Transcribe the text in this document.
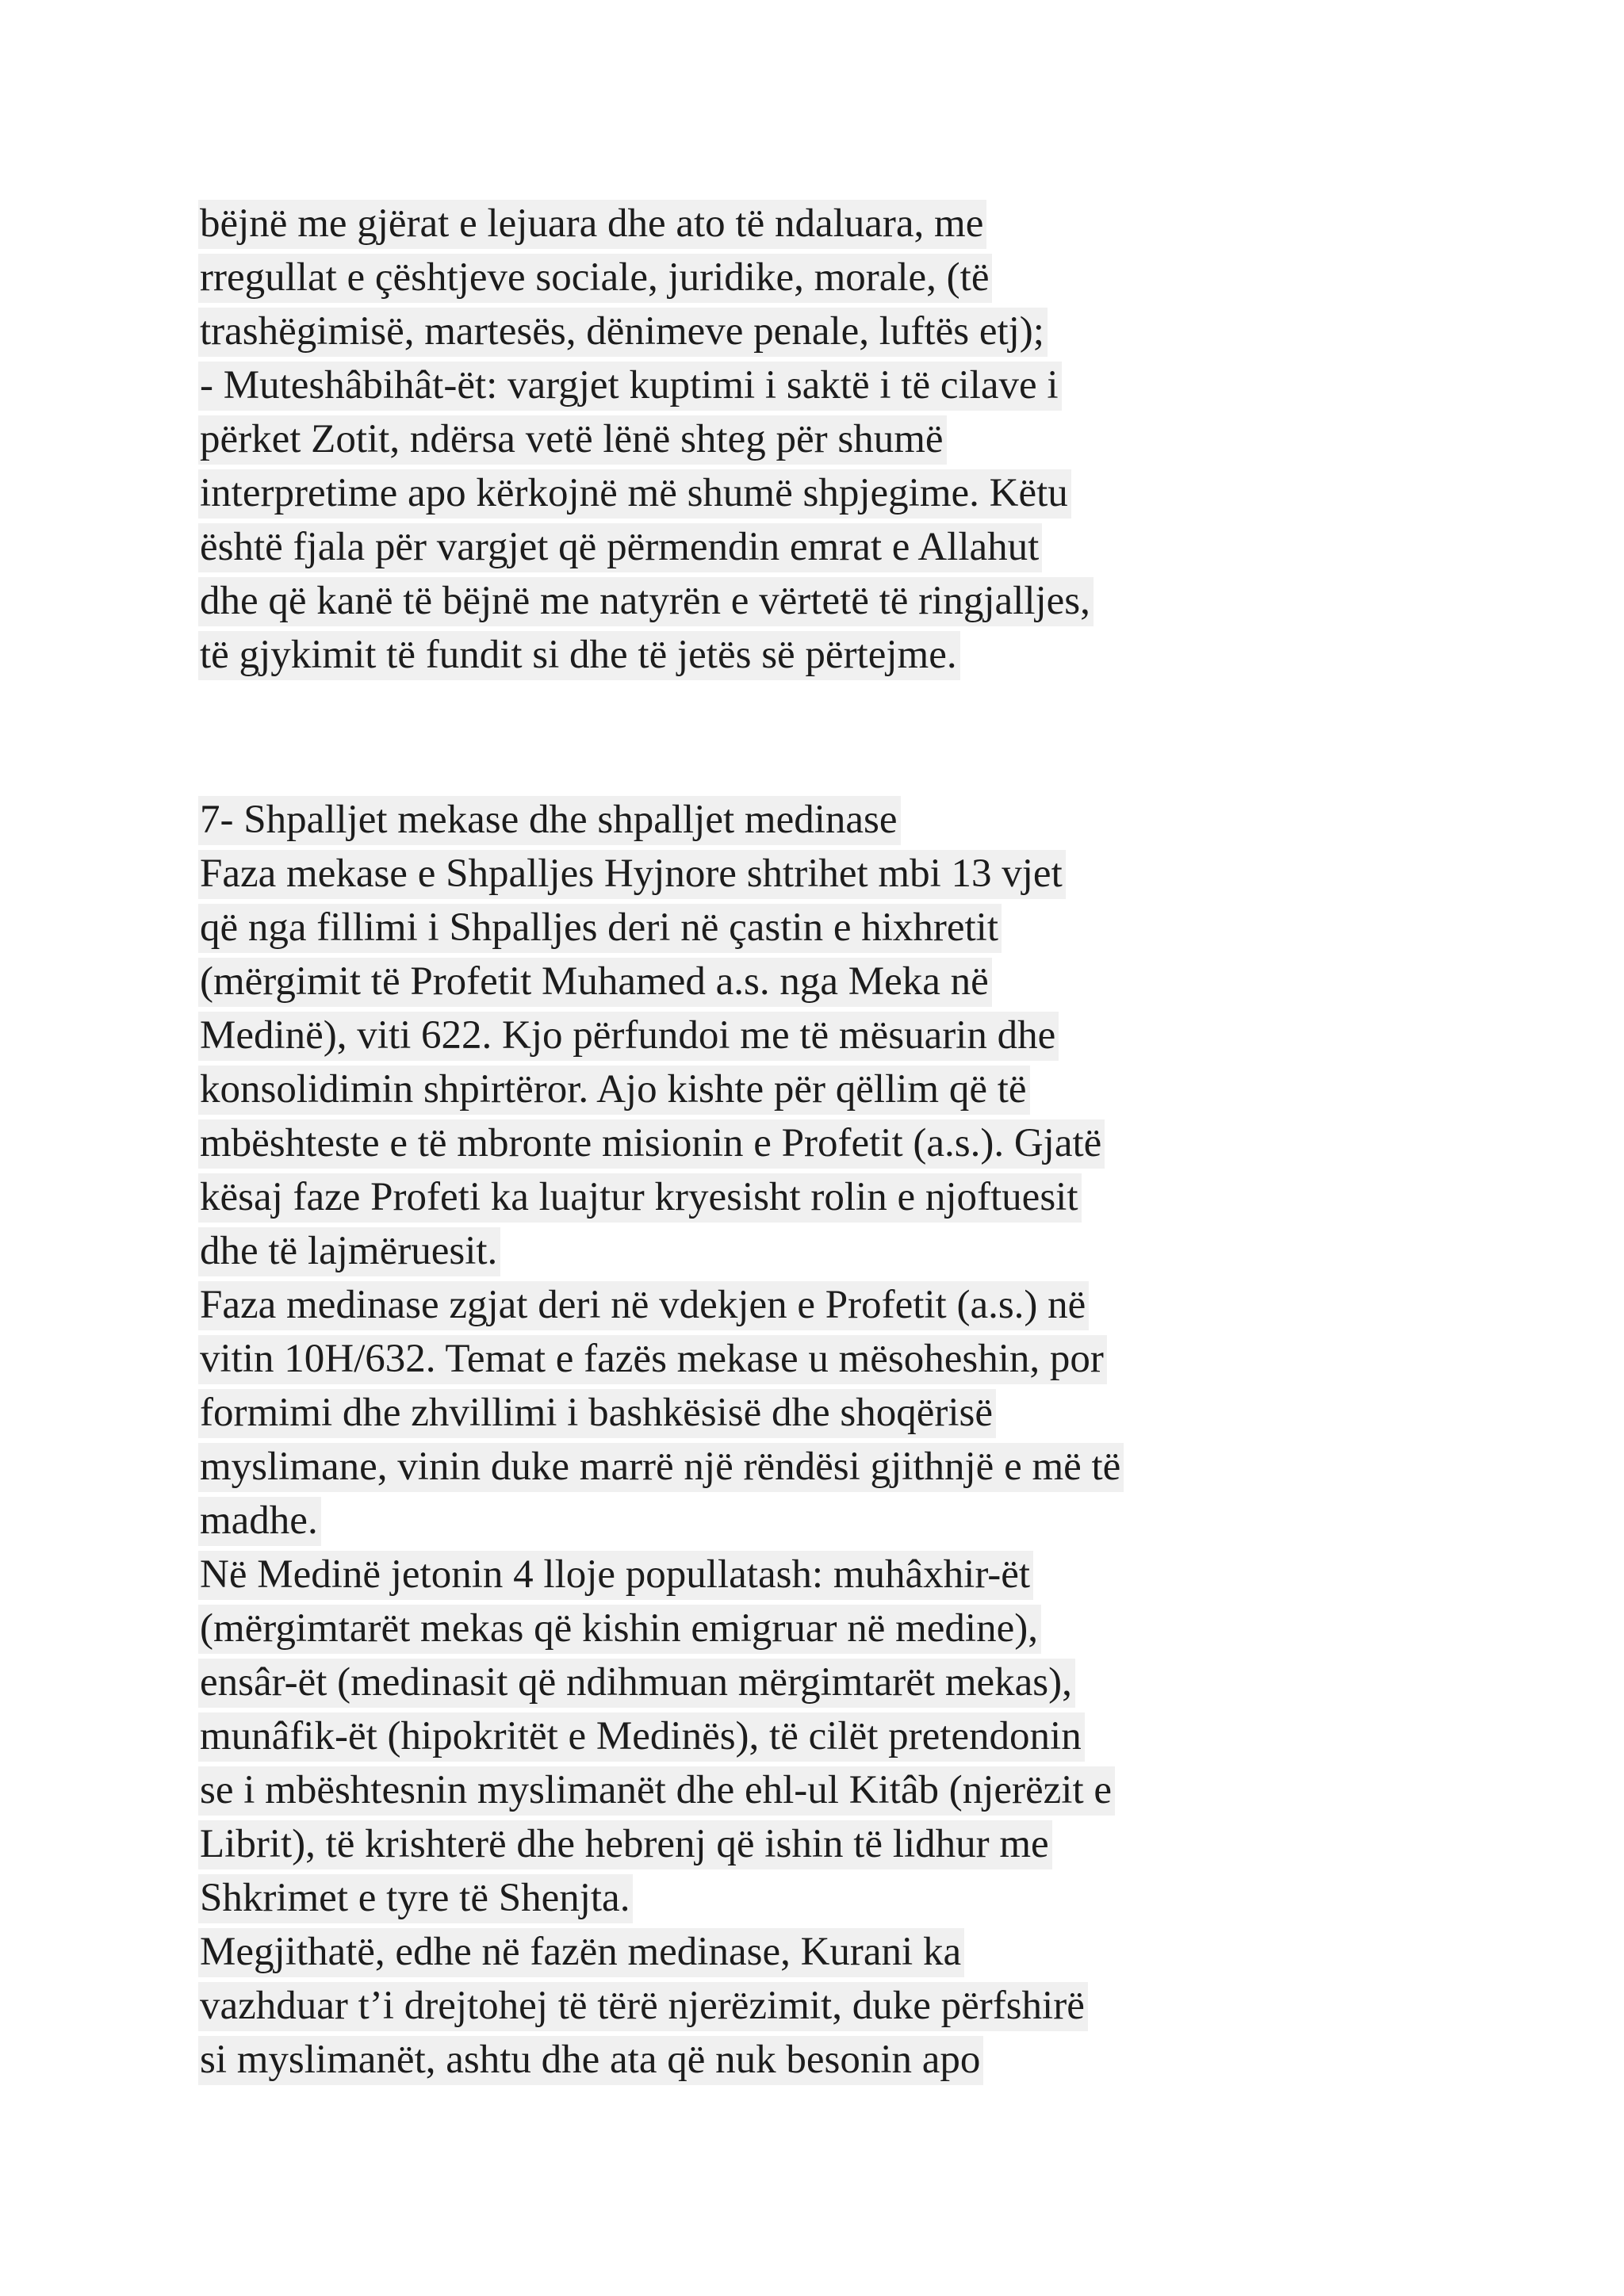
bëjnë me gjërat e lejuara dhe ato të ndaluara, me
rregullat e çështjeve sociale, juridike, morale, (të
trashëgimisë, martesës, dënimeve penale, luftës etj);
- Muteshâbihât-ët: vargjet kuptimi i saktë i të cilave i
përket Zotit, ndërsa vetë lënë shteg për shumë
interpretime apo kërkojnë më shumë shpjegime. Këtu
është fjala për vargjet që përmendin emrat e Allahut
dhe që kanë të bëjnë me natyrën e vërtetë të ringjalljes,
të gjykimit të fundit si dhe të jetës së përtejme.
7- Shpalljet mekase dhe shpalljet medinase
Faza mekase e Shpalljes Hyjnore shtrihet mbi 13 vjet
që nga fillimi i Shpalljes deri në çastin e hixhretit
(mërgimit të Profetit Muhamed a.s. nga Meka në
Medinë), viti 622. Kjo përfundoi me të mësuarin dhe
konsolidimin shpirtëror. Ajo kishte për qëllim që të
mbështeste e të mbronte misionin e Profetit (a.s.). Gjatë
kësaj faze Profeti ka luajtur kryesisht rolin e njoftuesit
dhe të lajmëruesit.
Faza medinase zgjat deri në vdekjen e Profetit (a.s.) në
vitin 10H/632. Temat e fazës mekase u mësoheshin, por
formimi dhe zhvillimi i bashkësisë dhe shoqërisë
myslimane, vinin duke marrë një rëndësi gjithnjë e më të
madhe.
Në Medinë jetonin 4 lloje popullatash: muhâxhir-ët
(mërgimtarët mekas që kishin emigruar në medine),
ensâr-ët (medinasit që ndihmuan mërgimtarët mekas),
munâfik-ët (hipokritët e Medinës), të cilët pretendonin
se i mbështesnin myslimanët dhe ehl-ul Kitâb (njerëzit e
Librit), të krishterë dhe hebrenj që ishin të lidhur me
Shkrimet e tyre të Shenjta.
Megjithatë, edhe në fazën medinase, Kurani ka
vazhduar t’i drejtohej të tërë njerëzimit, duke përfshirë
si myslimanët, ashtu dhe ata që nuk besonin apo
